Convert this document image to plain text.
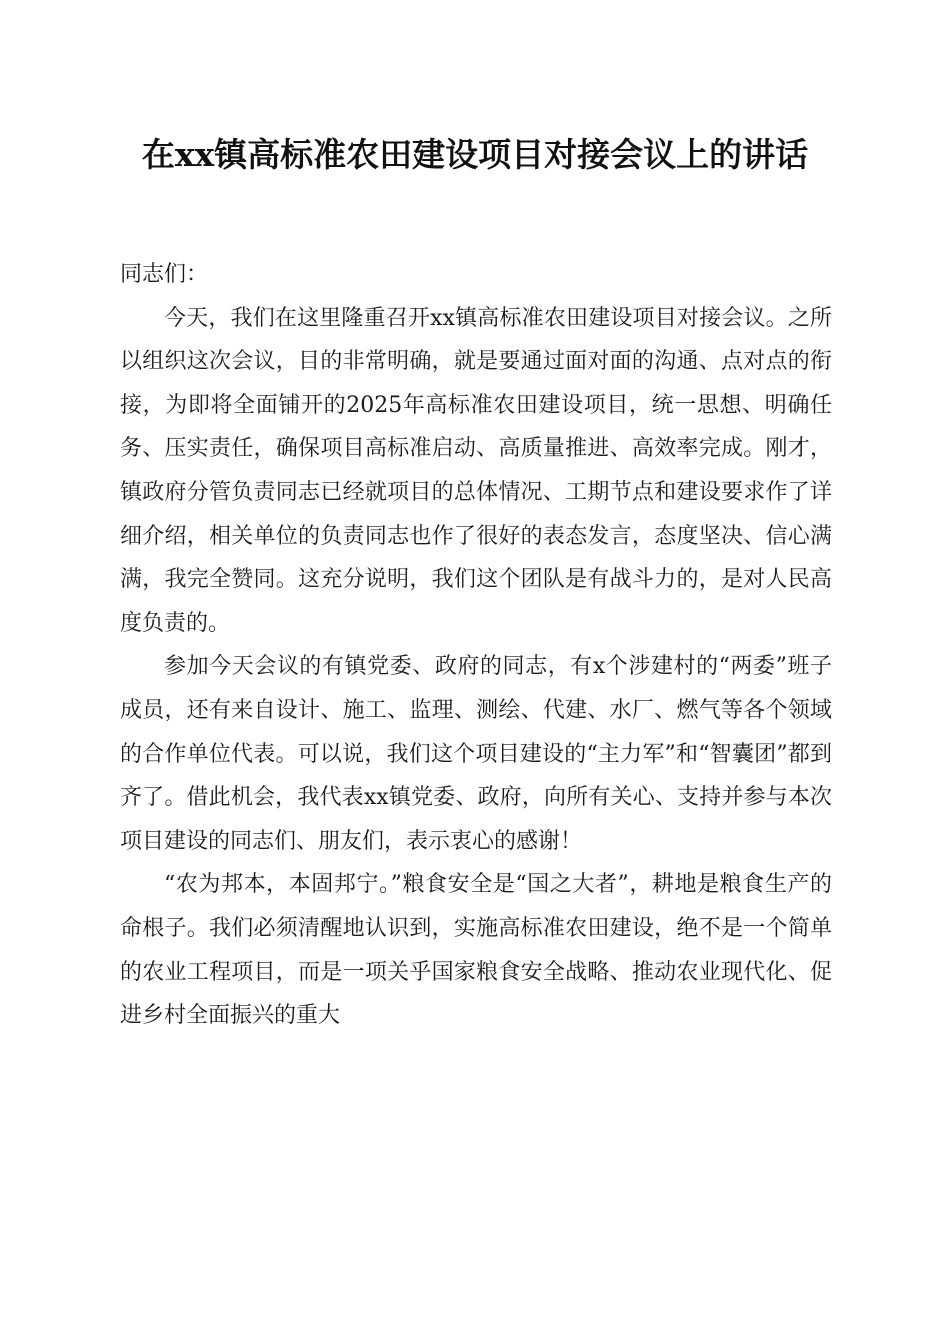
在xx镇高标准农田建设项目对接会议上的讲话

同志们：

今天，我们在这里隆重召开xx镇高标准农田建设项目对接会议。之所以组织这次会议，目的非常明确，就是要通过面对面的沟通、点对点的衔接，为即将全面铺开的2025年高标准农田建设项目，统一思想、明确任务、压实责任，确保项目高标准启动、高质量推进、高效率完成。刚才，镇政府分管负责同志已经就项目的总体情况、工期节点和建设要求作了详细介绍，相关单位的负责同志也作了很好的表态发言，态度坚决、信心满满，我完全赞同。这充分说明，我们这个团队是有战斗力的，是对人民高度负责的。

参加今天会议的有镇党委、政府的同志，有x个涉建村的“两委”班子成员，还有来自设计、施工、监理、测绘、代建、水厂、燃气等各个领域的合作单位代表。可以说，我们这个项目建设的“主力军”和“智囊团”都到齐了。借此机会，我代表xx镇党委、政府，向所有关心、支持并参与本次项目建设的同志们、朋友们，表示衷心的感谢！

“农为邦本，本固邦宁。”粮食安全是“国之大者”，耕地是粮食生产的命根子。我们必须清醒地认识到，实施高标准农田建设，绝不是一个简单的农业工程项目，而是一项关乎国家粮食安全战略、推动农业现代化、促进乡村全面振兴的重大
